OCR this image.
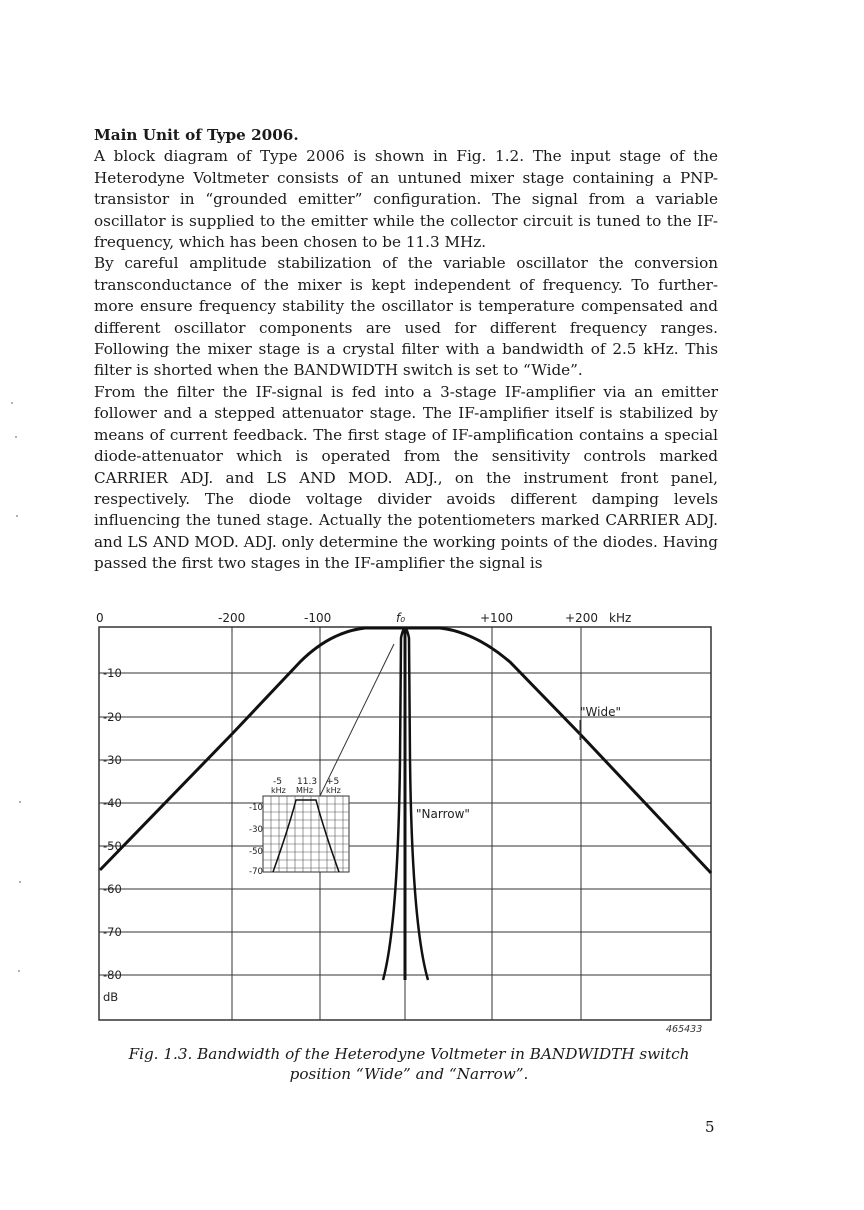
Main Unit of Type 2006.
A block diagram of Type 2006 is shown in Fig. 1.2. The input stage of the Heterodyne Voltmeter consists of an untuned mixer stage containing a PNP-transistor in “grounded emitter” configuration. The signal from a variable oscillator is supplied to the emitter while the collector circuit is tuned to the IF-frequency, which has been chosen to be 11.3 MHz.
By careful amplitude stabilization of the variable oscillator the conversion transconductance of the mixer is kept independent of frequency. To further-more ensure frequency stability the oscillator is temperature compensated and different oscillator components are used for different frequency ranges. Following the mixer stage is a crystal filter with a bandwidth of 2.5 kHz. This filter is shorted when the BANDWIDTH switch is set to “Wide”.
From the filter the IF-signal is fed into a 3-stage IF-amplifier via an emitter follower and a stepped attenuator stage. The IF-amplifier itself is stabilized by means of current feedback. The first stage of IF-amplification contains a special diode-attenuator which is operated from the sensitivity controls marked CARRIER ADJ. and LS AND MOD. ADJ., on the instrument front panel, respectively. The diode voltage divider avoids different damping levels influencing the tuned stage. Actually the potentiometers marked CARRIER ADJ. and LS AND MOD. ADJ. only determine the working points of the diodes. Having passed the first two stages in the IF-amplifier the signal is
0	-200	-100	f₀	+100	+200 kHz
-10
-20
-30
-40
-50
-60
-70
-80
dB
"Wide"
"Narrow"
-5 11.3 +5
kHz MHz kHz
-10
-30
-50
-70
465433
Fig. 1.3. Bandwidth of the Heterodyne Voltmeter in BANDWIDTH switch
position “Wide” and “Narrow”.
5
